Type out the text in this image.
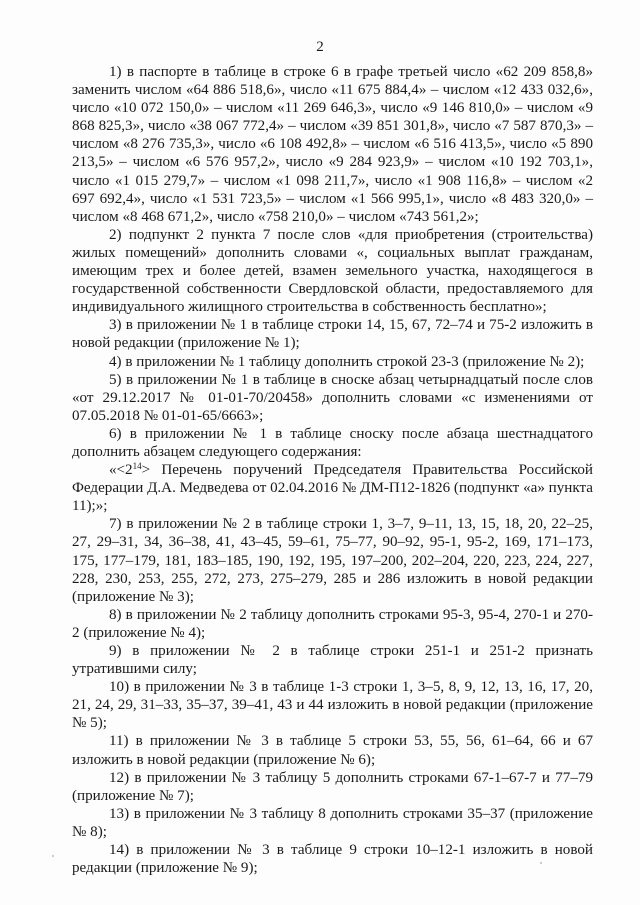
2

1) в паспорте в таблице в строке 6 в графе третьей число «62 209 858,8» заменить числом «64 886 518,6», число «11 675 884,4» – числом «12 433 032,6», число «10 072 150,0» – числом «11 269 646,3», число «9 146 810,0» – числом «9 868 825,3», число «38 067 772,4» – числом «39 851 301,8», число «7 587 870,3» – числом «8 276 735,3», число «6 108 492,8» – числом «6 516 413,5», число «5 890 213,5» – числом «6 576 957,2», число «9 284 923,9» – числом «10 192 703,1», число «1 015 279,7» – числом «1 098 211,7», число «1 908 116,8» – числом «2 697 692,4», число «1 531 723,5» – числом «1 566 995,1», число «8 483 320,0» – числом «8 468 671,2», число «758 210,0» – числом «743 561,2»;

2) подпункт 2 пункта 7 после слов «для приобретения (строительства) жилых помещений» дополнить словами «, социальных выплат гражданам, имеющим трех и более детей, взамен земельного участка, находящегося в государственной собственности Свердловской области, предоставляемого для индивидуального жилищного строительства в собственность бесплатно»;

3) в приложении № 1 в таблице строки 14, 15, 67, 72–74 и 75-2 изложить в новой редакции (приложение № 1);

4) в приложении № 1 таблицу дополнить строкой 23-3 (приложение № 2);

5) в приложении № 1 в таблице в сноске абзац четырнадцатый после слов «от 29.12.2017 № 01-01-70/20458» дополнить словами «с изменениями от 07.05.2018 № 01-01-65/6663»;

6) в приложении № 1 в таблице сноску после абзаца шестнадцатого дополнить абзацем следующего содержания:

«$<2^{14}>$ Перечень поручений Председателя Правительства Российской Федерации Д.А. Медведева от 02.04.2016 № ДМ-П12-1826 (подпункт «а» пункта 11);»;

7) в приложении № 2 в таблице строки 1, 3–7, 9–11, 13, 15, 18, 20, 22–25, 27, 29–31, 34, 36–38, 41, 43–45, 59–61, 75–77, 90–92, 95-1, 95-2, 169, 171–173, 175, 177–179, 181, 183–185, 190, 192, 195, 197–200, 202–204, 220, 223, 224, 227, 228, 230, 253, 255, 272, 273, 275–279, 285 и 286 изложить в новой редакции (приложение № 3);

8) в приложении № 2 таблицу дополнить строками 95-3, 95-4, 270-1 и 270-2 (приложение № 4);

9) в приложении № 2 в таблице строки 251-1 и 251-2 признать утратившими силу;

10) в приложении № 3 в таблице 1-3 строки 1, 3–5, 8, 9, 12, 13, 16, 17, 20, 21, 24, 29, 31–33, 35–37, 39–41, 43 и 44 изложить в новой редакции (приложение № 5);

11) в приложении № 3 в таблице 5 строки 53, 55, 56, 61–64, 66 и 67 изложить в новой редакции (приложение № 6);

12) в приложении № 3 таблицу 5 дополнить строками 67-1–67-7 и 77–79 (приложение № 7);

13) в приложении № 3 таблицу 8 дополнить строками 35–37 (приложение № 8);

14) в приложении № 3 в таблице 9 строки 10–12-1 изложить в новой редакции (приложение № 9);
